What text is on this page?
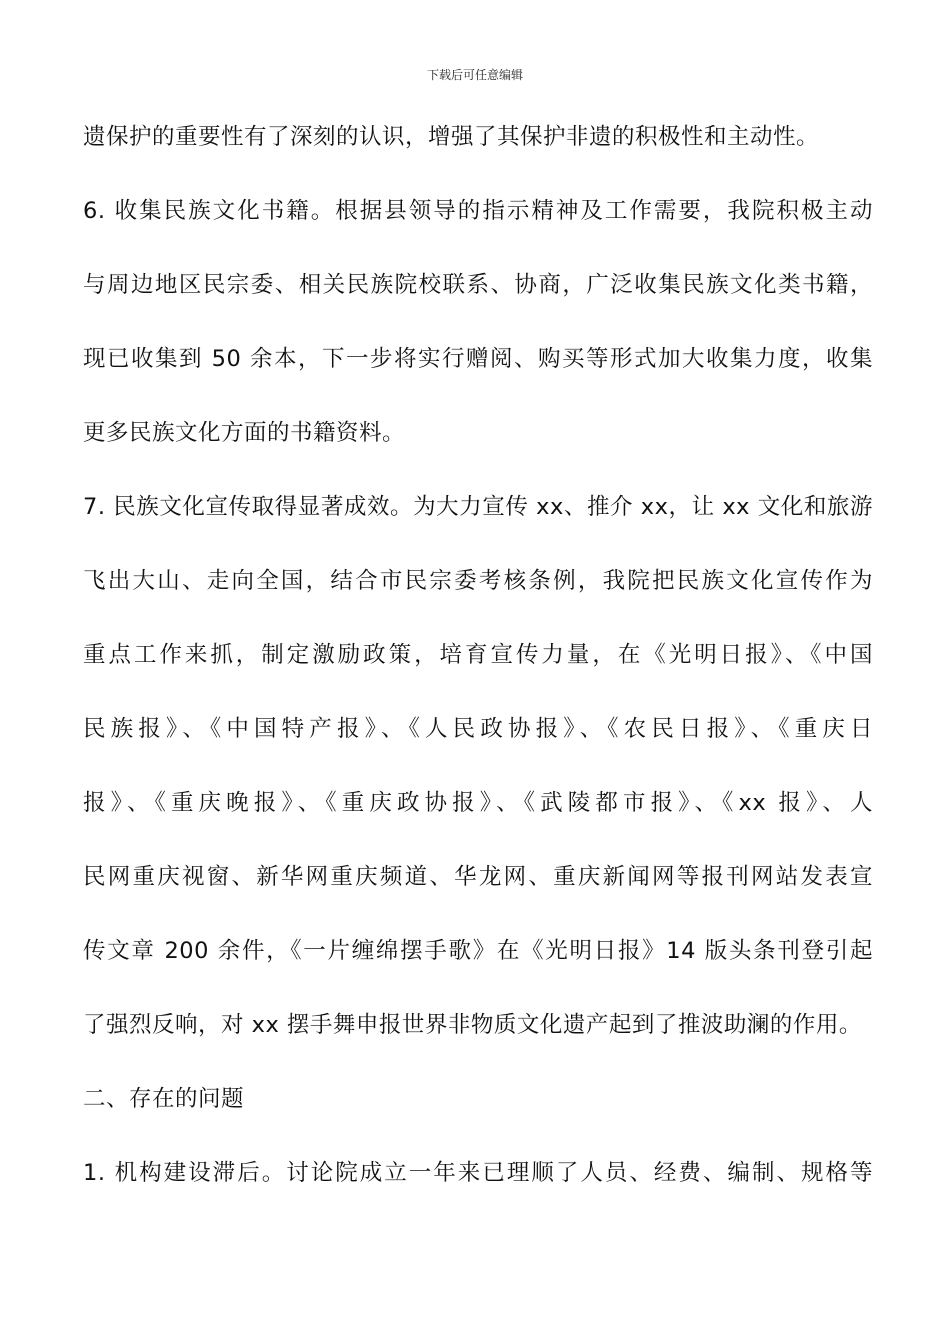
下载后可任意编辑
遗保护的重要性有了深刻的认识，增强了其保护非遗的积极性和主动性。
6. 收集民族文化书籍。根据县领导的指示精神及工作需要，我院积极主动
与周边地区民宗委、相关民族院校联系、协商，广泛收集民族文化类书籍，
现已收集到 50 余本，下一步将实行赠阅、购买等形式加大收集力度，收集
更多民族文化方面的书籍资料。
7. 民族文化宣传取得显著成效。为大力宣传 xx、推介 xx，让 xx 文化和旅游
飞出大山、走向全国，结合市民宗委考核条例，我院把民族文化宣传作为
重点工作来抓，制定激励政策，培育宣传力量，在《光明日报》、《中国
民族报》、《中国特产报》、《人民政协报》、《农民日报》、《重庆日
报》、《重庆晚报》、《重庆政协报》、《武陵都市报》、《xx 报》、人
民网重庆视窗、新华网重庆频道、华龙网、重庆新闻网等报刊网站发表宣
传文章 200 余件，《一片缠绵摆手歌》在《光明日报》14 版头条刊登引起
了强烈反响，对 xx 摆手舞申报世界非物质文化遗产起到了推波助澜的作用。
二、存在的问题
1. 机构建设滞后。讨论院成立一年来已理顺了人员、经费、编制、规格等
